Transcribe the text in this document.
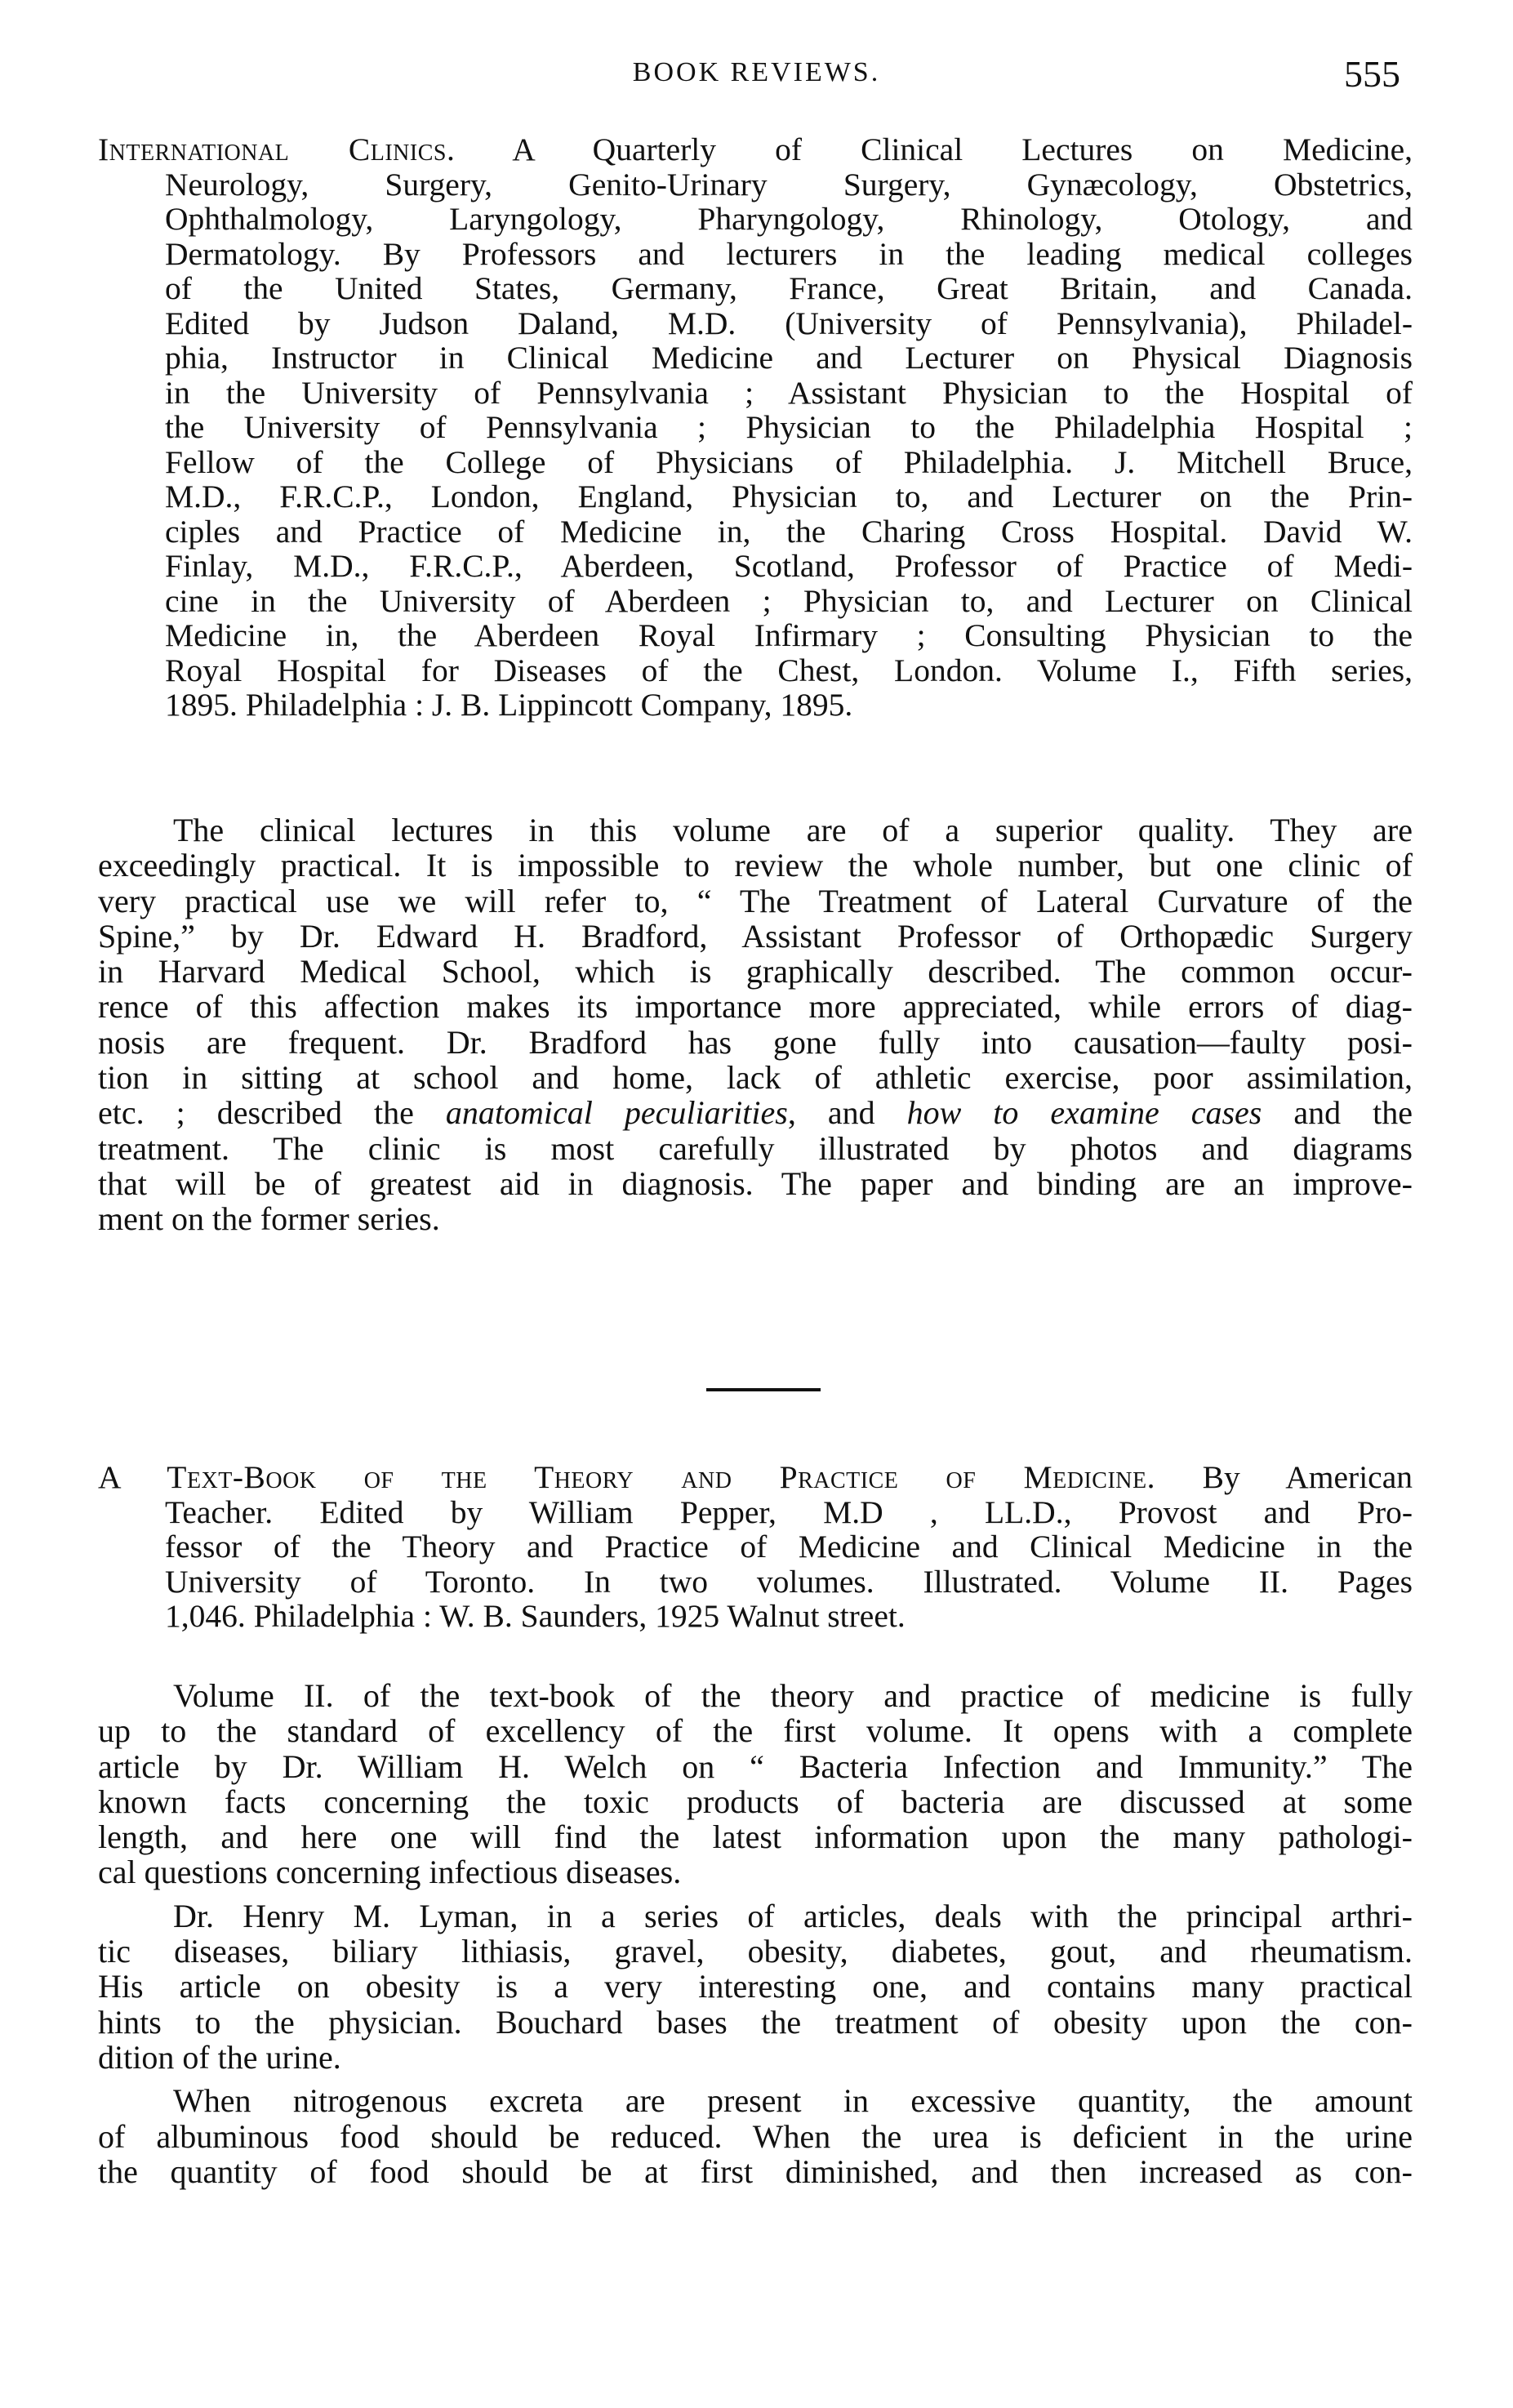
BOOK REVIEWS.	555
International Clinics. A Quarterly of Clinical Lectures on Medicine,
Neurology, Surgery, Genito-Urinary Surgery, Gynæcology, Obstetrics,
Ophthalmology, Laryngology, Pharyngology, Rhinology, Otology, and
Dermatology. By Professors and lecturers in the leading medical colleges
of the United States, Germany, France, Great Britain, and Canada.
Edited by Judson Daland, M.D. (University of Pennsylvania), Philadel-
phia, Instructor in Clinical Medicine and Lecturer on Physical Diagnosis
in the University of Pennsylvania ; Assistant Physician to the Hospital of
the University of Pennsylvania ; Physician to the Philadelphia Hospital ;
Fellow of the College of Physicians of Philadelphia. J. Mitchell Bruce,
M.D., F.R.C.P., London, England, Physician to, and Lecturer on the Prin-
ciples and Practice of Medicine in, the Charing Cross Hospital. David W.
Finlay, M.D., F.R.C.P., Aberdeen, Scotland, Professor of Practice of Medi-
cine in the University of Aberdeen ; Physician to, and Lecturer on Clinical
Medicine in, the Aberdeen Royal Infirmary ; Consulting Physician to the
Royal Hospital for Diseases of the Chest, London. Volume I., Fifth series,
1895. Philadelphia : J. B. Lippincott Company, 1895.
The clinical lectures in this volume are of a superior quality. They are
exceedingly practical. It is impossible to review the whole number, but one clinic of
very practical use we will refer to, “ The Treatment of Lateral Curvature of the
Spine,” by Dr. Edward H. Bradford, Assistant Professor of Orthopædic Surgery
in Harvard Medical School, which is graphically described. The common occur-
rence of this affection makes its importance more appreciated, while errors of diag-
nosis are frequent. Dr. Bradford has gone fully into causation—faulty posi-
tion in sitting at school and home, lack of athletic exercise, poor assimilation,
etc. ; described the anatomical peculiarities, and how to examine cases and the
treatment. The clinic is most carefully illustrated by photos and diagrams
that will be of greatest aid in diagnosis. The paper and binding are an improve-
ment on the former series.
A Text-Book of the Theory and Practice of Medicine. By American
Teacher. Edited by William Pepper, M.D , LL.D., Provost and Pro-
fessor of the Theory and Practice of Medicine and Clinical Medicine in the
University of Toronto. In two volumes. Illustrated. Volume II. Pages
1,046. Philadelphia : W. B. Saunders, 1925 Walnut street.
Volume II. of the text-book of the theory and practice of medicine is fully
up to the standard of excellency of the first volume. It opens with a complete
article by Dr. William H. Welch on “ Bacteria Infection and Immunity.” The
known facts concerning the toxic products of bacteria are discussed at some
length, and here one will find the latest information upon the many pathologi-
cal questions concerning infectious diseases.
Dr. Henry M. Lyman, in a series of articles, deals with the principal arthri-
tic diseases, biliary lithiasis, gravel, obesity, diabetes, gout, and rheumatism.
His article on obesity is a very interesting one, and contains many practical
hints to the physician. Bouchard bases the treatment of obesity upon the con-
dition of the urine.
When nitrogenous excreta are present in excessive quantity, the amount
of albuminous food should be reduced. When the urea is deficient in the urine
the quantity of food should be at first diminished, and then increased as con-
